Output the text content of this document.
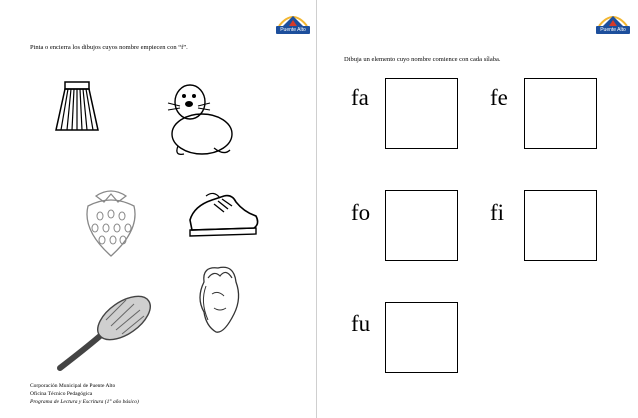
Puente Alto
Pinta o encierra los dibujos cuyos nombre empiecen con “f”.
Corporación Municipal de Puente Alto
Oficina Técnico Pedagógica
Programa de Lectura y Escritura (1° año básico)
Puente Alto
Dibuja un elemento cuyo nombre comience con cada sílaba.
fa	fe
fo	fi
fu
